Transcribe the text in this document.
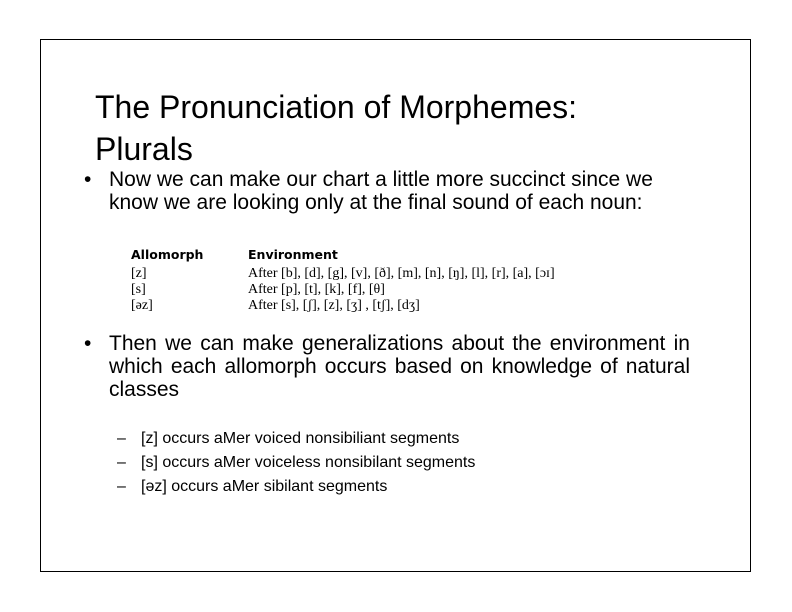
The Pronunciation of Morphemes:
Plurals
• Now we can make our chart a little more succinct since we know we are looking only at the final sound of each noun:
Allomorph	Environment
[z]	After [b], [d], [g], [v], [ð], [m], [n], [ŋ], [l], [r], [a], [ɔɪ]
[s]	After [p], [t], [k], [f], [θ]
[əz]	After [s], [ʃ], [z], [ʒ] , [tʃ], [dʒ]
• Then we can make generalizations about the environment in which each allomorph occurs based on knowledge of natural classes
– [z] occurs aMer voiced nonsibiliant segments
– [s] occurs aMer voiceless nonsibilant segments
– [əz] occurs aMer sibilant segments
